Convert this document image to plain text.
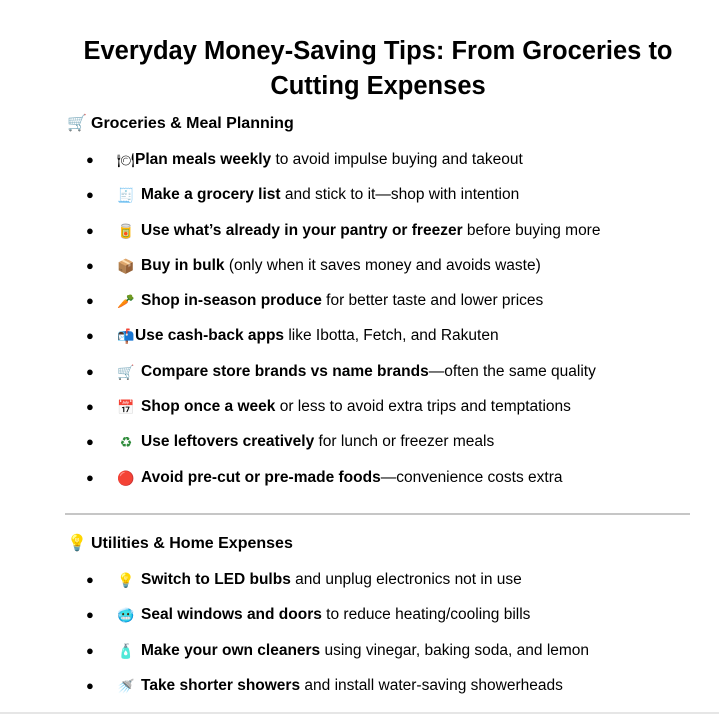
Everyday Money-Saving Tips: From Groceries to Cutting Expenses
🛒 Groceries & Meal Planning
● 🍽 Plan meals weekly to avoid impulse buying and takeout
● 🧾 Make a grocery list and stick to it—shop with intention
● 🥫 Use what’s already in your pantry or freezer before buying more
● 📦 Buy in bulk (only when it saves money and avoids waste)
● 🥕 Shop in-season produce for better taste and lower prices
● 📬 Use cash-back apps like Ibotta, Fetch, and Rakuten
● 🛒 Compare store brands vs name brands—often the same quality
● 📅 Shop once a week or less to avoid extra trips and temptations
● ♻ Use leftovers creatively for lunch or freezer meals
● 🔴 Avoid pre-cut or pre-made foods—convenience costs extra
💡 Utilities & Home Expenses
● 💡 Switch to LED bulbs and unplug electronics not in use
● 🥶 Seal windows and doors to reduce heating/cooling bills
● 🧴 Make your own cleaners using vinegar, baking soda, and lemon
● 🚿 Take shorter showers and install water-saving showerheads
